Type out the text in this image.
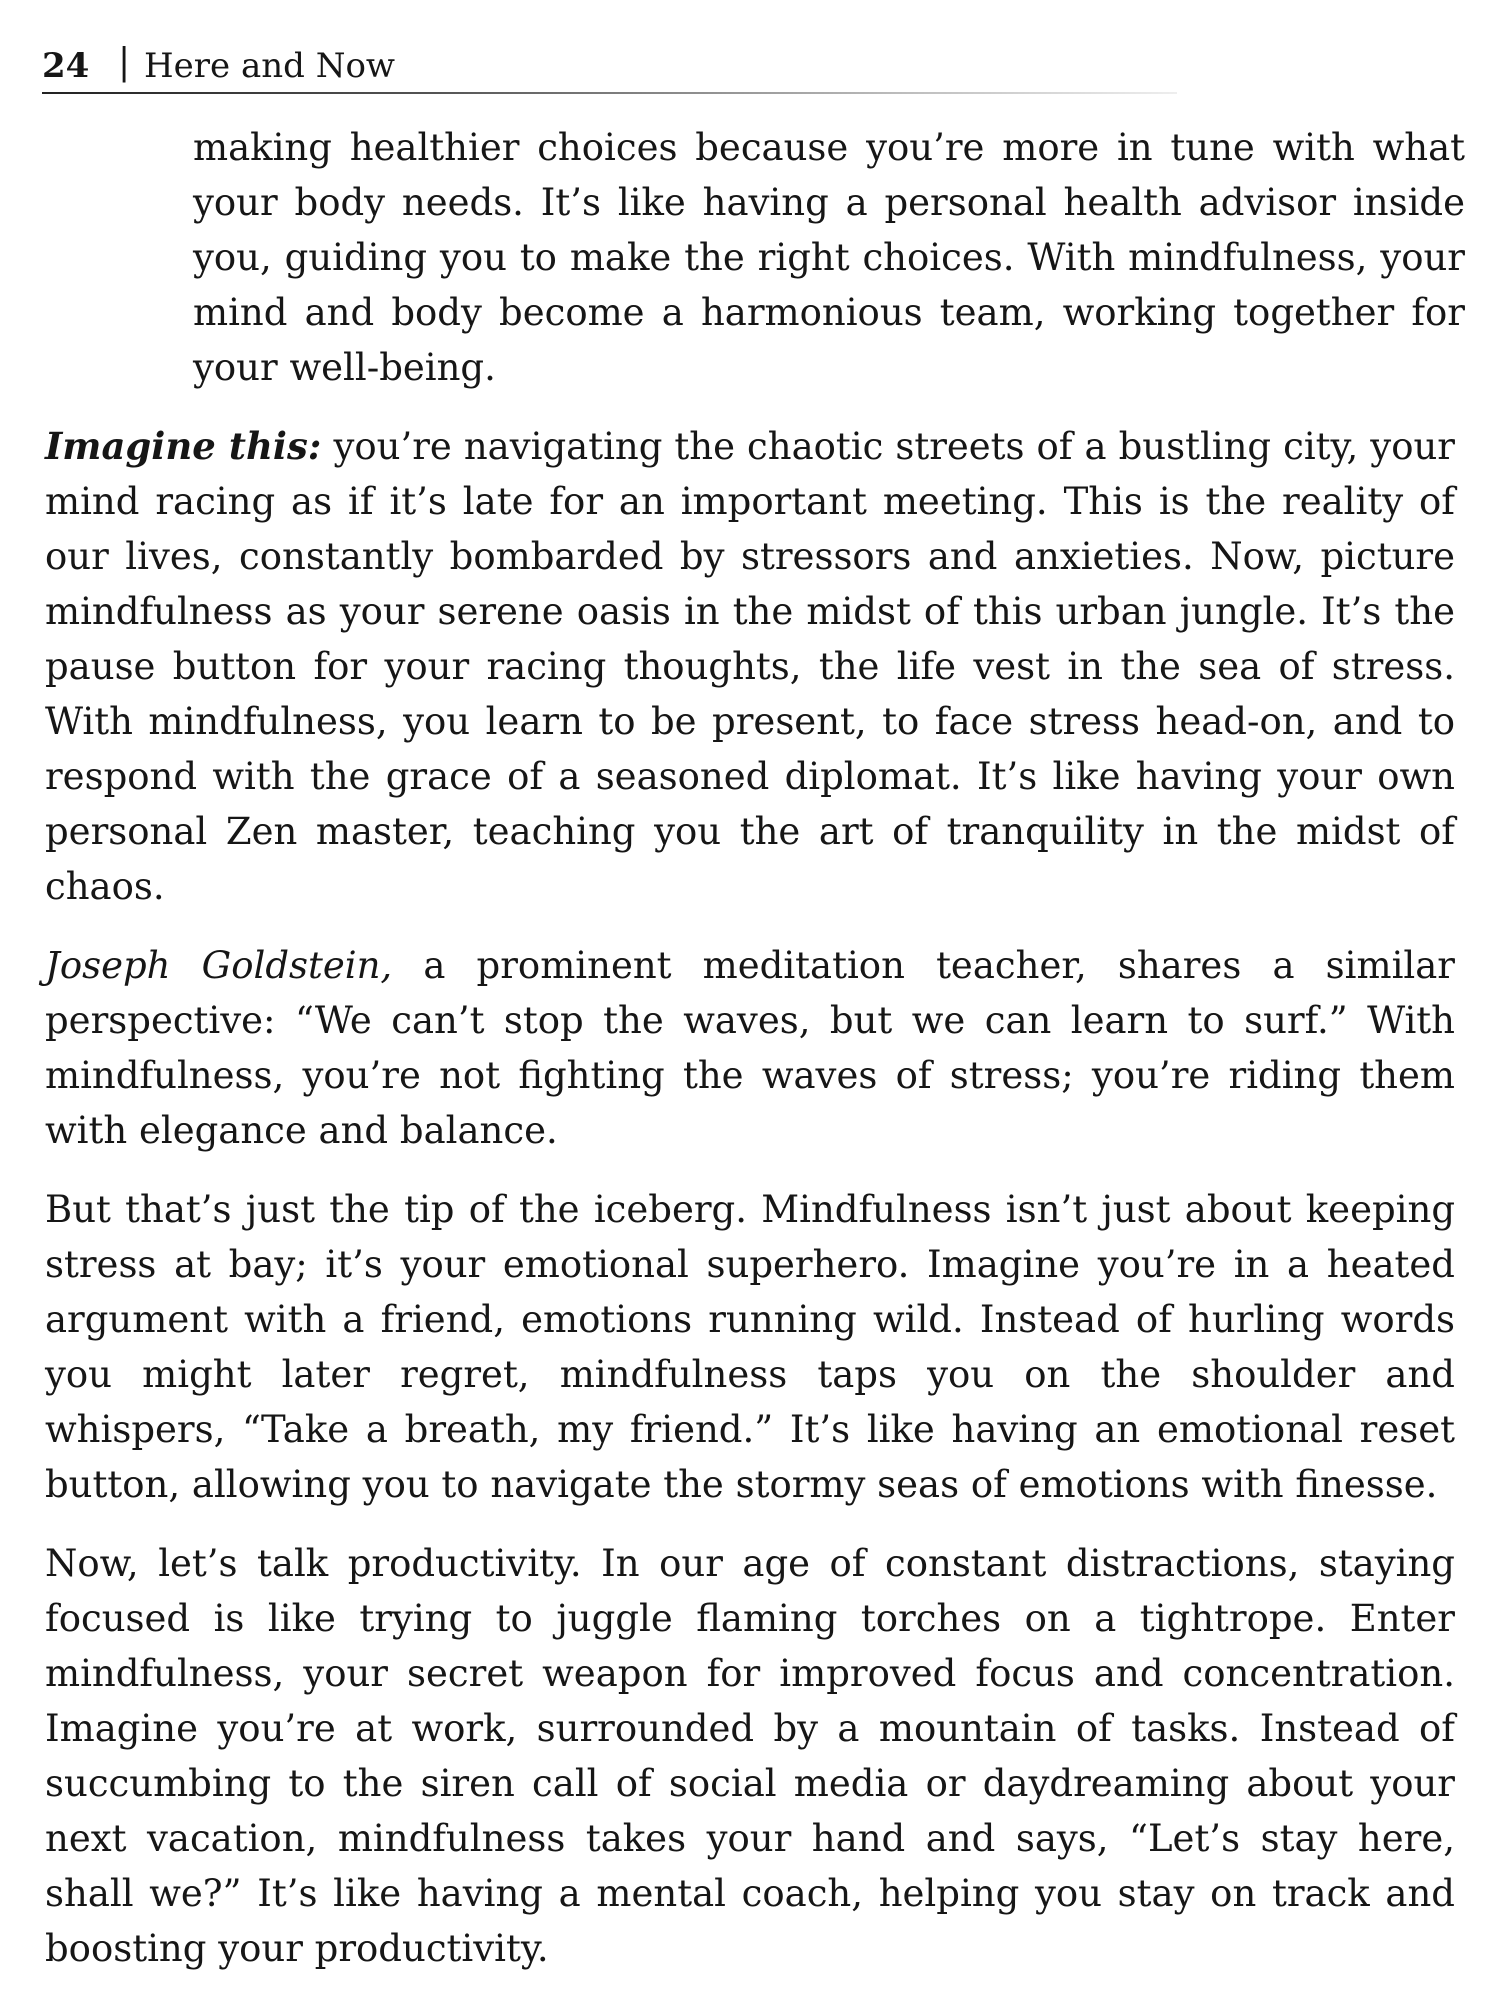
24 | Here and Now

making healthier choices because you’re more in tune with what your body needs. It’s like having a personal health advisor inside you, guiding you to make the right choices. With mindfulness, your mind and body become a harmonious team, working together for your well-being.

Imagine this: you’re navigating the chaotic streets of a bustling city, your mind racing as if it’s late for an important meeting. This is the reality of our lives, constantly bombarded by stressors and anxieties. Now, picture mindfulness as your serene oasis in the midst of this urban jungle. It’s the pause button for your racing thoughts, the life vest in the sea of stress. With mindfulness, you learn to be present, to face stress head-on, and to respond with the grace of a seasoned diplomat. It’s like having your own personal Zen master, teaching you the art of tranquility in the midst of chaos.

Joseph Goldstein, a prominent meditation teacher, shares a similar perspective: “We can’t stop the waves, but we can learn to surf.” With mindfulness, you’re not fighting the waves of stress; you’re riding them with elegance and balance.

But that’s just the tip of the iceberg. Mindfulness isn’t just about keeping stress at bay; it’s your emotional superhero. Imagine you’re in a heated argument with a friend, emotions running wild. Instead of hurling words you might later regret, mindfulness taps you on the shoulder and whispers, “Take a breath, my friend.” It’s like having an emotional reset button, allowing you to navigate the stormy seas of emotions with finesse.

Now, let’s talk productivity. In our age of constant distractions, staying focused is like trying to juggle flaming torches on a tightrope. Enter mindfulness, your secret weapon for improved focus and concentration. Imagine you’re at work, surrounded by a mountain of tasks. Instead of succumbing to the siren call of social media or daydreaming about your next vacation, mindfulness takes your hand and says, “Let’s stay here, shall we?” It’s like having a mental coach, helping you stay on track and boosting your productivity.
